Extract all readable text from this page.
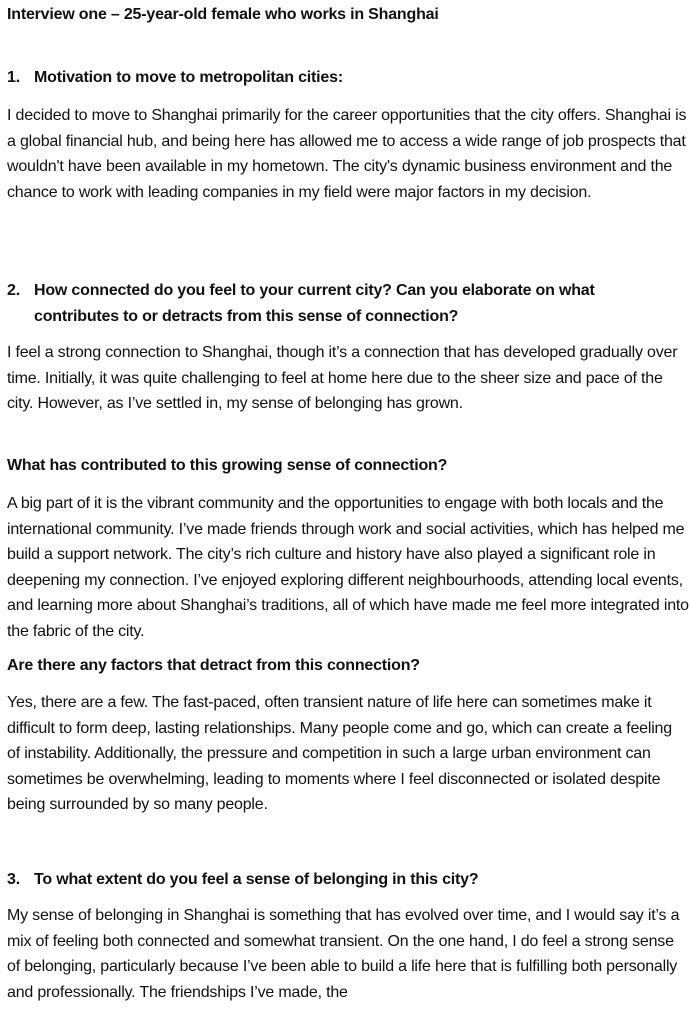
Interview one – 25-year-old female who works in Shanghai
1. Motivation to move to metropolitan cities:
I decided to move to Shanghai primarily for the career opportunities that the city offers. Shanghai is a global financial hub, and being here has allowed me to access a wide range of job prospects that wouldn't have been available in my hometown. The city's dynamic business environment and the chance to work with leading companies in my field were major factors in my decision.
2. How connected do you feel to your current city? Can you elaborate on what contributes to or detracts from this sense of connection?
I feel a strong connection to Shanghai, though it’s a connection that has developed gradually over time. Initially, it was quite challenging to feel at home here due to the sheer size and pace of the city. However, as I’ve settled in, my sense of belonging has grown.
What has contributed to this growing sense of connection?
A big part of it is the vibrant community and the opportunities to engage with both locals and the international community. I’ve made friends through work and social activities, which has helped me build a support network. The city’s rich culture and history have also played a significant role in deepening my connection. I’ve enjoyed exploring different neighbourhoods, attending local events, and learning more about Shanghai’s traditions, all of which have made me feel more integrated into the fabric of the city.
Are there any factors that detract from this connection?
Yes, there are a few. The fast-paced, often transient nature of life here can sometimes make it difficult to form deep, lasting relationships. Many people come and go, which can create a feeling of instability. Additionally, the pressure and competition in such a large urban environment can sometimes be overwhelming, leading to moments where I feel disconnected or isolated despite being surrounded by so many people.
3. To what extent do you feel a sense of belonging in this city?
My sense of belonging in Shanghai is something that has evolved over time, and I would say it’s a mix of feeling both connected and somewhat transient. On the one hand, I do feel a strong sense of belonging, particularly because I’ve been able to build a life here that is fulfilling both personally and professionally. The friendships I’ve made, the
